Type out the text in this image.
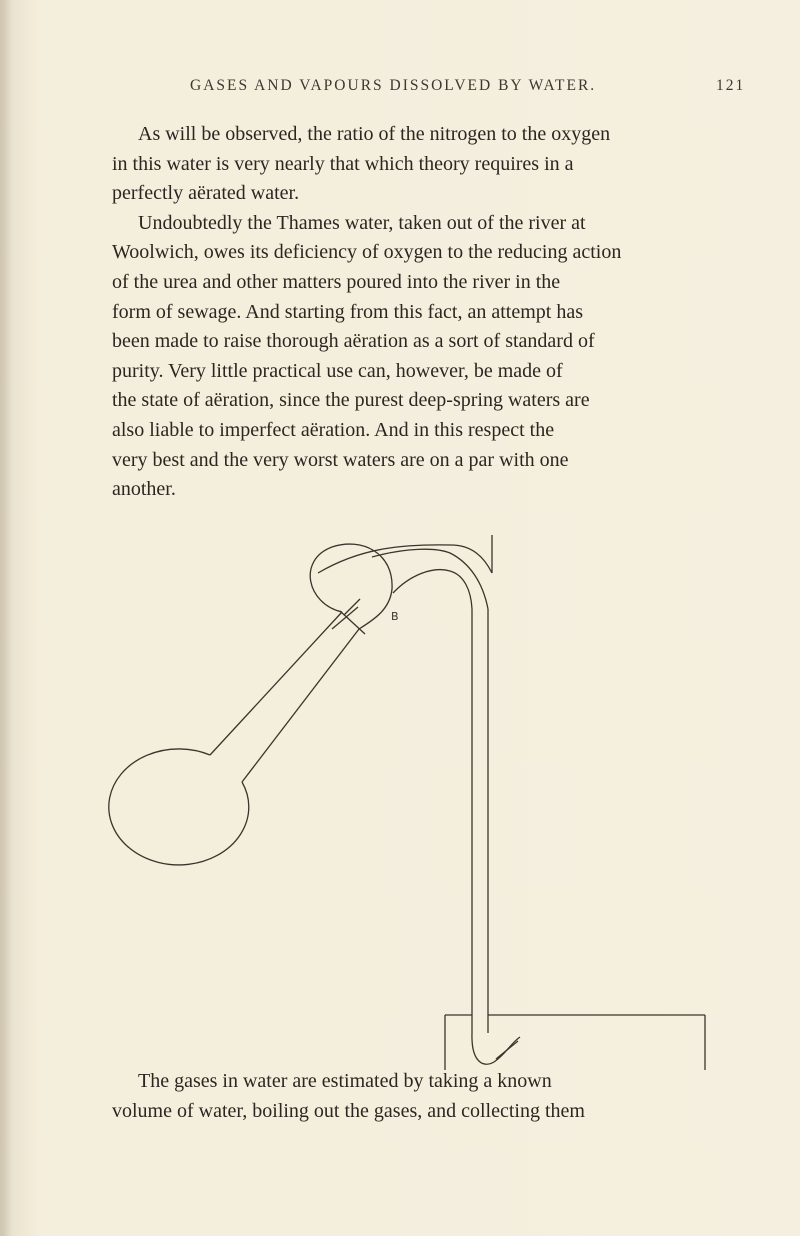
GASES AND VAPOURS DISSOLVED BY WATER.	121
As will be observed, the ratio of the nitrogen to the oxygen
in this water is very nearly that which theory requires in a
perfectly aërated water.
Undoubtedly the Thames water, taken out of the river at
Woolwich, owes its deficiency of oxygen to the reducing action
of the urea and other matters poured into the river in the
form of sewage. And starting from this fact, an attempt has
been made to raise thorough aëration as a sort of standard of
purity. Very little practical use can, however, be made of
the state of aëration, since the purest deep-spring waters are
also liable to imperfect aëration. And in this respect the
very best and the very worst waters are on a par with one
another.
B
The gases in water are estimated by taking a known
volume of water, boiling out the gases, and collecting them
